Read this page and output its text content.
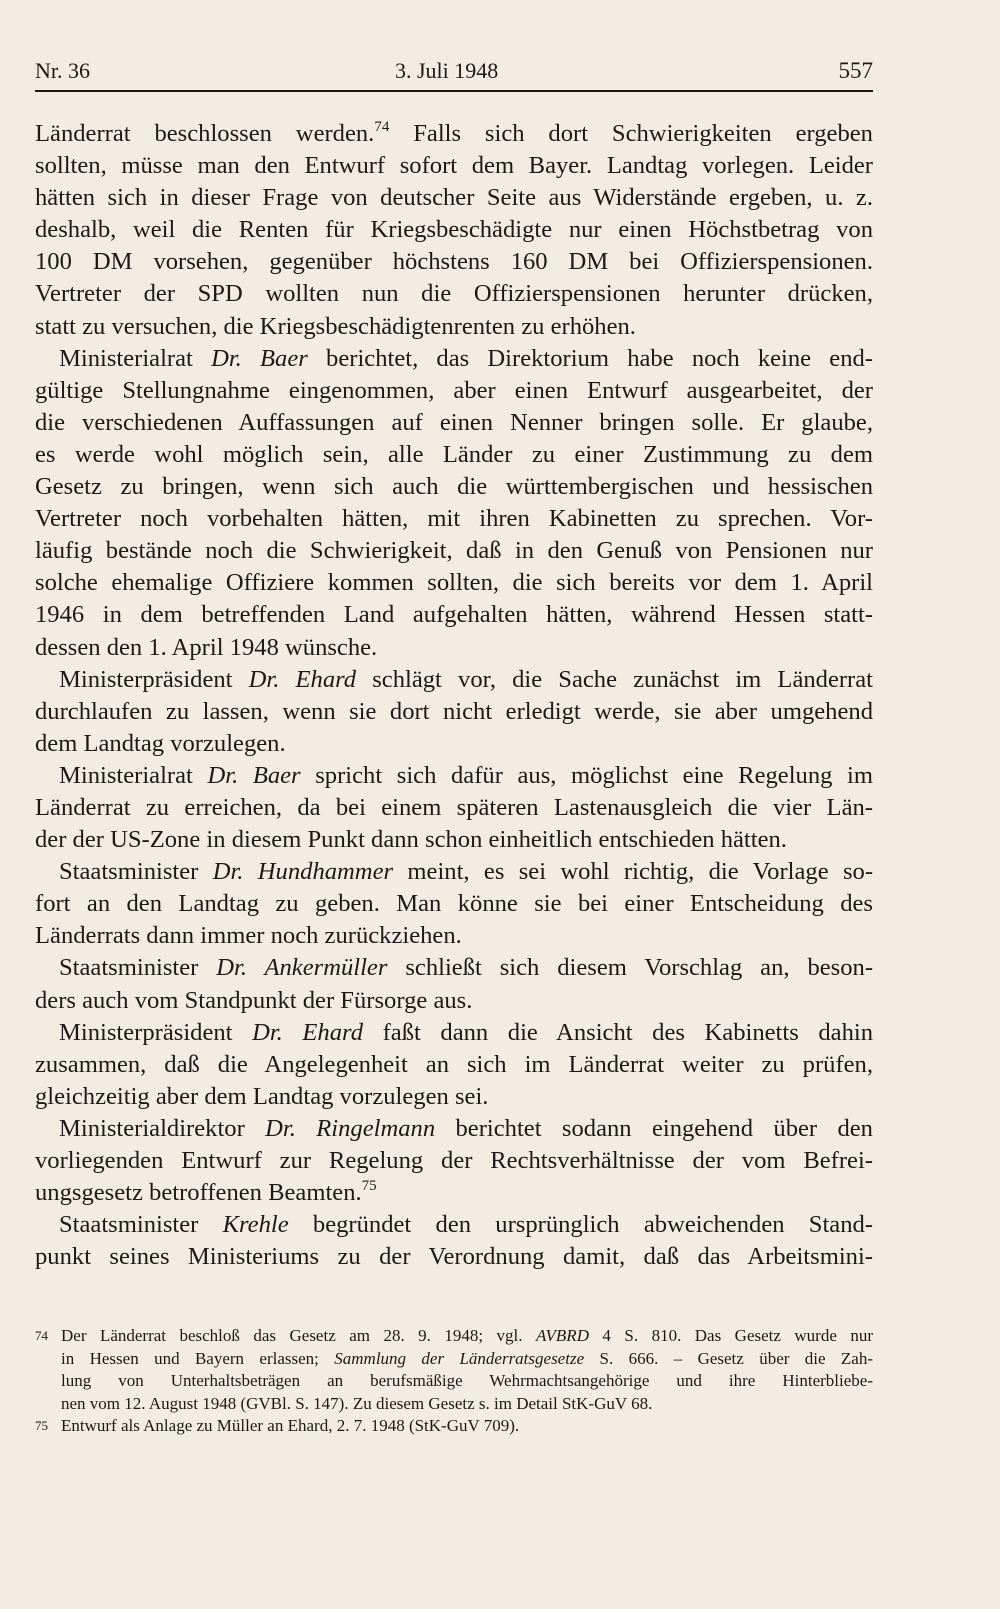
Nr. 36	3. Juli 1948	557
Länderrat beschlossen werden.$^{74}$ Falls sich dort Schwierigkeiten ergeben
sollten, müsse man den Entwurf sofort dem Bayer. Landtag vorlegen. Leider
hätten sich in dieser Frage von deutscher Seite aus Widerstände ergeben, u. z.
deshalb, weil die Renten für Kriegsbeschädigte nur einen Höchstbetrag von
100 DM vorsehen, gegenüber höchstens 160 DM bei Offizierspensionen.
Vertreter der SPD wollten nun die Offizierspensionen herunter drücken,
statt zu versuchen, die Kriegsbeschädigtenrenten zu erhöhen.
Ministerialrat Dr. Baer berichtet, das Direktorium habe noch keine end-
gültige Stellungnahme eingenommen, aber einen Entwurf ausgearbeitet, der
die verschiedenen Auffassungen auf einen Nenner bringen solle. Er glaube,
es werde wohl möglich sein, alle Länder zu einer Zustimmung zu dem
Gesetz zu bringen, wenn sich auch die württembergischen und hessischen
Vertreter noch vorbehalten hätten, mit ihren Kabinetten zu sprechen. Vor-
läufig bestände noch die Schwierigkeit, daß in den Genuß von Pensionen nur
solche ehemalige Offiziere kommen sollten, die sich bereits vor dem 1. April
1946 in dem betreffenden Land aufgehalten hätten, während Hessen statt-
dessen den 1. April 1948 wünsche.
Ministerpräsident Dr. Ehard schlägt vor, die Sache zunächst im Länderrat
durchlaufen zu lassen, wenn sie dort nicht erledigt werde, sie aber umgehend
dem Landtag vorzulegen.
Ministerialrat Dr. Baer spricht sich dafür aus, möglichst eine Regelung im
Länderrat zu erreichen, da bei einem späteren Lastenausgleich die vier Län-
der der US-Zone in diesem Punkt dann schon einheitlich entschieden hätten.
Staatsminister Dr. Hundhammer meint, es sei wohl richtig, die Vorlage so-
fort an den Landtag zu geben. Man könne sie bei einer Entscheidung des
Länderrats dann immer noch zurückziehen.
Staatsminister Dr. Ankermüller schließt sich diesem Vorschlag an, beson-
ders auch vom Standpunkt der Fürsorge aus.
Ministerpräsident Dr. Ehard faßt dann die Ansicht des Kabinetts dahin
zusammen, daß die Angelegenheit an sich im Länderrat weiter zu prüfen,
gleichzeitig aber dem Landtag vorzulegen sei.
Ministerialdirektor Dr. Ringelmann berichtet sodann eingehend über den
vorliegenden Entwurf zur Regelung der Rechtsverhältnisse der vom Befrei-
ungsgesetz betroffenen Beamten.$^{75}$
Staatsminister Krehle begründet den ursprünglich abweichenden Stand-
punkt seines Ministeriums zu der Verordnung damit, daß das Arbeitsmini-
74 Der Länderrat beschloß das Gesetz am 28. 9. 1948; vgl. AVBRD 4 S. 810. Das Gesetz wurde nur
in Hessen und Bayern erlassen; Sammlung der Länderratsgesetze S. 666. – Gesetz über die Zah-
lung von Unterhaltsbeträgen an berufsmäßige Wehrmachtsangehörige und ihre Hinterbliebe-
nen vom 12. August 1948 (GVBl. S. 147). Zu diesem Gesetz s. im Detail StK-GuV 68.
75 Entwurf als Anlage zu Müller an Ehard, 2. 7. 1948 (StK-GuV 709).
